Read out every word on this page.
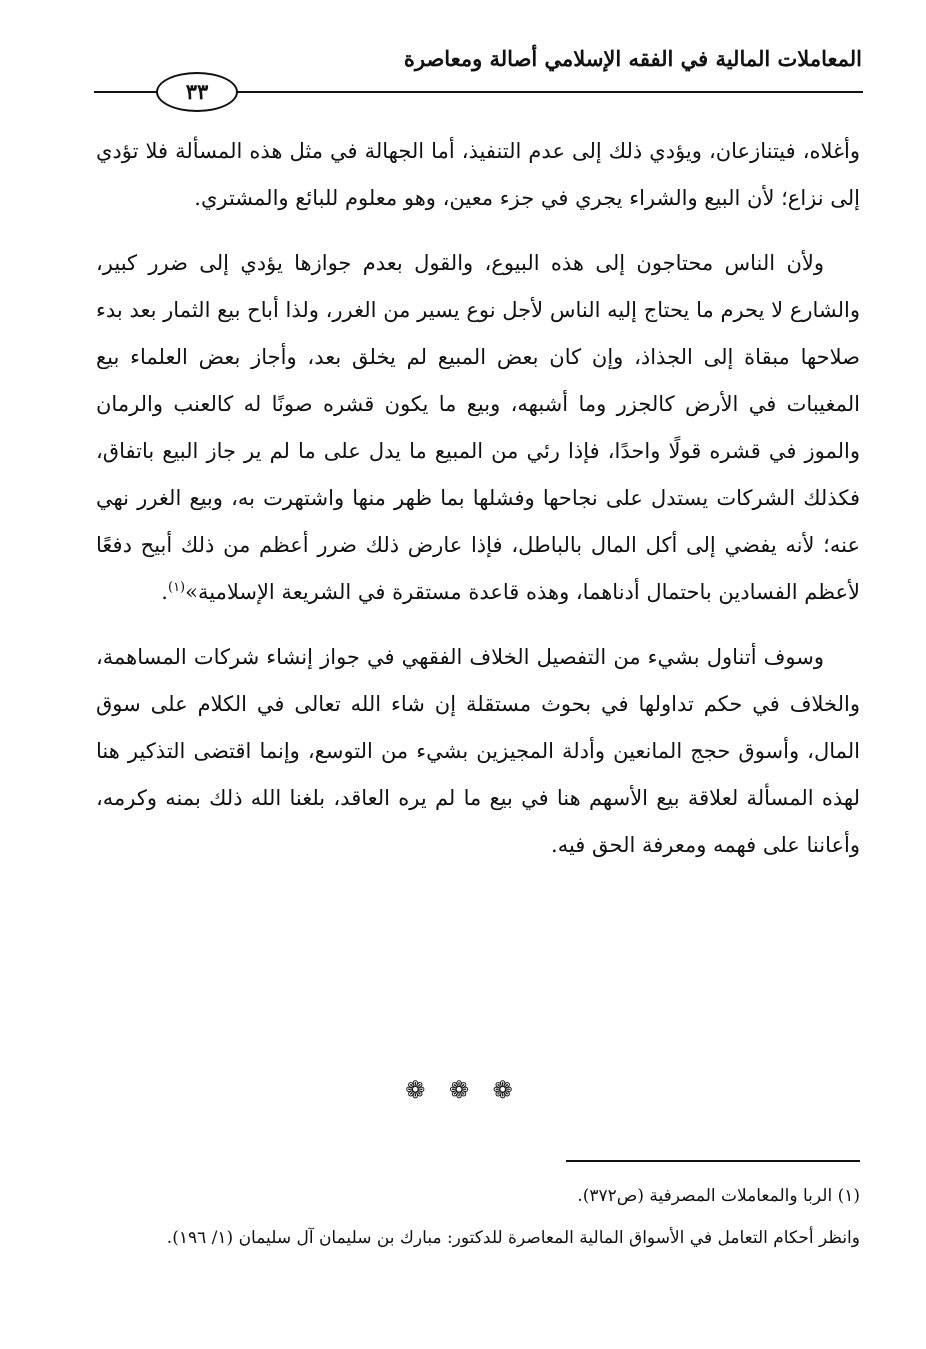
المعاملات المالية في الفقه الإسلامي أصالة ومعاصرة
٣٣

وأغلاه، فيتنازعان، ويؤدي ذلك إلى عدم التنفيذ، أما الجهالة في مثل هذه المسألة فلا تؤدي إلى نزاع؛ لأن البيع والشراء يجري في جزء معين، وهو معلوم للبائع والمشتري.

ولأن الناس محتاجون إلى هذه البيوع، والقول بعدم جوازها يؤدي إلى ضرر كبير، والشارع لا يحرم ما يحتاج إليه الناس لأجل نوع يسير من الغرر، ولذا أباح بيع الثمار بعد بدء صلاحها مبقاة إلى الجذاذ، وإن كان بعض المبيع لم يخلق بعد، وأجاز بعض العلماء بيع المغيبات في الأرض كالجزر وما أشبهه، وبيع ما يكون قشره صونًا له كالعنب والرمان والموز في قشره قولًا واحدًا، فإذا رئي من المبيع ما يدل على ما لم ير جاز البيع باتفاق، فكذلك الشركات يستدل على نجاحها وفشلها بما ظهر منها واشتهرت به، وبيع الغرر نهي عنه؛ لأنه يفضي إلى أكل المال بالباطل، فإذا عارض ذلك ضرر أعظم من ذلك أبيح دفعًا لأعظم الفسادين باحتمال أدناهما، وهذه قاعدة مستقرة في الشريعة الإسلامية»$^{(١)}$.

وسوف أتناول بشيء من التفصيل الخلاف الفقهي في جواز إنشاء شركات المساهمة، والخلاف في حكم تداولها في بحوث مستقلة إن شاء الله تعالى في الكلام على سوق المال، وأسوق حجج المانعين وأدلة المجيزين بشيء من التوسع، وإنما اقتضى التذكير هنا لهذه المسألة لعلاقة بيع الأسهم هنا في بيع ما لم يره العاقد، بلغنا الله ذلك بمنه وكرمه، وأعاننا على فهمه ومعرفة الحق فيه.

❁ ❁ ❁

(١) الربا والمعاملات المصرفية (ص٣٧٢).

وانظر أحكام التعامل في الأسواق المالية المعاصرة للدكتور: مبارك بن سليمان آل سليمان (١/ ١٩٦).
